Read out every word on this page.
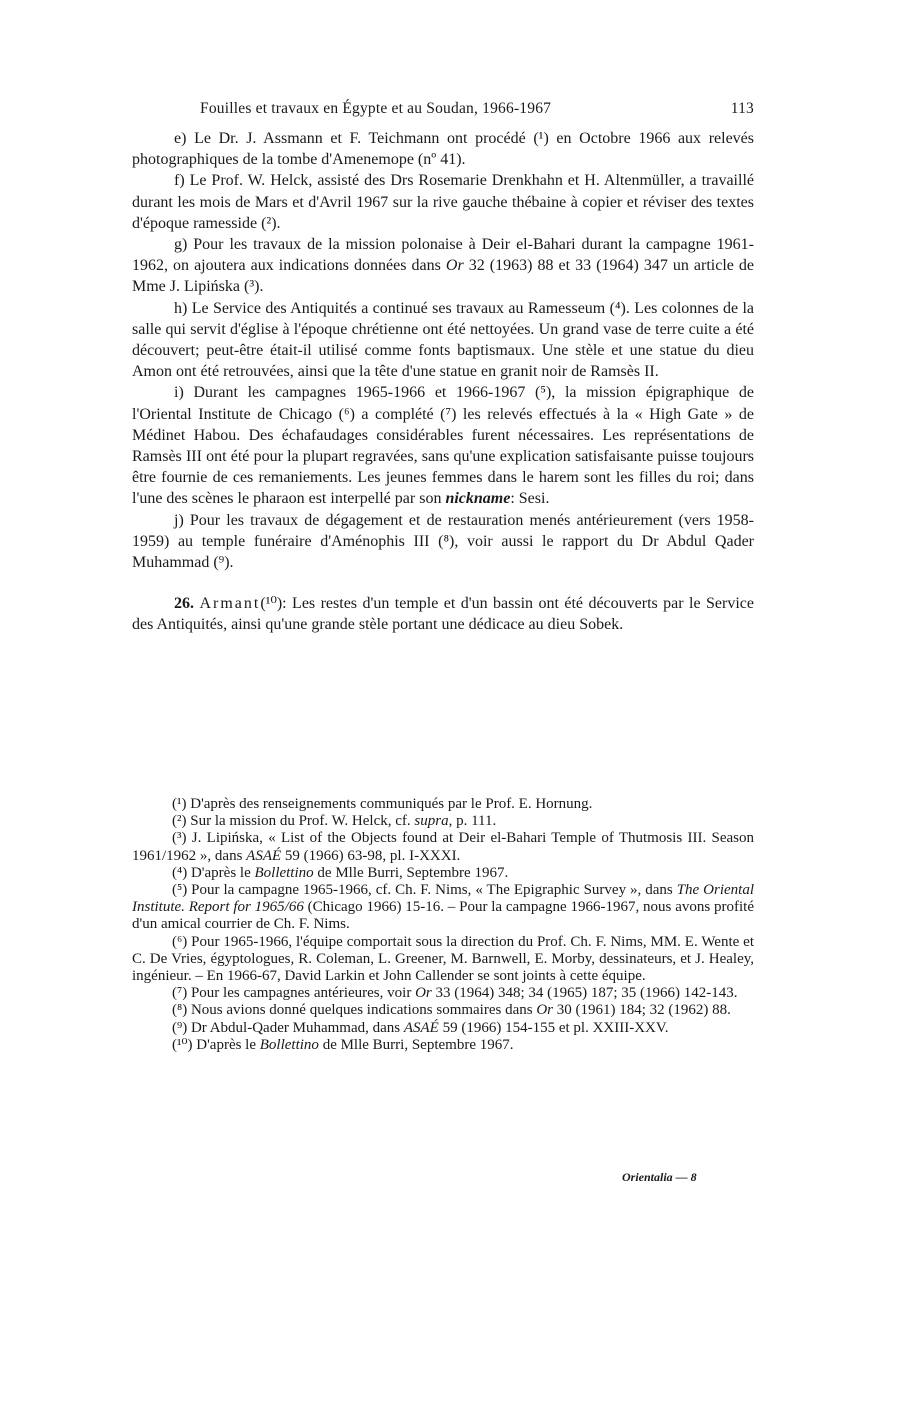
Fouilles et travaux en Égypte et au Soudan, 1966-1967	113

e) Le Dr. J. Assmann et F. Teichmann ont procédé (¹) en Octobre 1966 aux relevés photographiques de la tombe d'Amenemope (nº 41).

f) Le Prof. W. Helck, assisté des Drs Rosemarie Drenkhahn et H. Altenmüller, a travaillé durant les mois de Mars et d'Avril 1967 sur la rive gauche thébaine à copier et réviser des textes d'époque ramesside (²).

g) Pour les travaux de la mission polonaise à Deir el-Bahari durant la campagne 1961-1962, on ajoutera aux indications données dans Or 32 (1963) 88 et 33 (1964) 347 un article de Mme J. Lipińska (³).

h) Le Service des Antiquités a continué ses travaux au Ramesseum (⁴). Les colonnes de la salle qui servit d'église à l'époque chrétienne ont été nettoyées. Un grand vase de terre cuite a été découvert; peut-être était-il utilisé comme fonts baptismaux. Une stèle et une statue du dieu Amon ont été retrouvées, ainsi que la tête d'une statue en granit noir de Ramsès II.

i) Durant les campagnes 1965-1966 et 1966-1967 (⁵), la mission épigraphique de l'Oriental Institute de Chicago (⁶) a complété (⁷) les relevés effectués à la « High Gate » de Médinet Habou. Des échafaudages considérables furent nécessaires. Les représentations de Ramsès III ont été pour la plupart regravées, sans qu'une explication satisfaisante puisse toujours être fournie de ces remaniements. Les jeunes femmes dans le harem sont les filles du roi; dans l'une des scènes le pharaon est interpellé par son nickname: Sesi.

j) Pour les travaux de dégagement et de restauration menés antérieurement (vers 1958-1959) au temple funéraire d'Aménophis III (⁸), voir aussi le rapport du Dr Abdul Qader Muhammad (⁹).

26. Armant(¹⁰): Les restes d'un temple et d'un bassin ont été découverts par le Service des Antiquités, ainsi qu'une grande stèle portant une dédicace au dieu Sobek.

(¹) D'après des renseignements communiqués par le Prof. E. Hornung.

(²) Sur la mission du Prof. W. Helck, cf. supra, p. 111.

(³) J. Lipińska, « List of the Objects found at Deir el-Bahari Temple of Thutmosis III. Season 1961/1962 », dans ASAÉ 59 (1966) 63-98, pl. I-XXXI.

(⁴) D'après le Bollettino de Mlle Burri, Septembre 1967.

(⁵) Pour la campagne 1965-1966, cf. Ch. F. Nims, « The Epigraphic Survey », dans The Oriental Institute. Report for 1965/66 (Chicago 1966) 15-16. – Pour la campagne 1966-1967, nous avons profité d'un amical courrier de Ch. F. Nims.

(⁶) Pour 1965-1966, l'équipe comportait sous la direction du Prof. Ch. F. Nims, MM. E. Wente et C. De Vries, égyptologues, R. Coleman, L. Greener, M. Barnwell, E. Morby, dessinateurs, et J. Healey, ingénieur. – En 1966-67, David Larkin et John Callender se sont joints à cette équipe.

(⁷) Pour les campagnes antérieures, voir Or 33 (1964) 348; 34 (1965) 187; 35 (1966) 142-143.

(⁸) Nous avions donné quelques indications sommaires dans Or 30 (1961) 184; 32 (1962) 88.

(⁹) Dr Abdul-Qader Muhammad, dans ASAÉ 59 (1966) 154-155 et pl. XXIII-XXV.

(¹⁰) D'après le Bollettino de Mlle Burri, Septembre 1967.

Orientalia — 8
